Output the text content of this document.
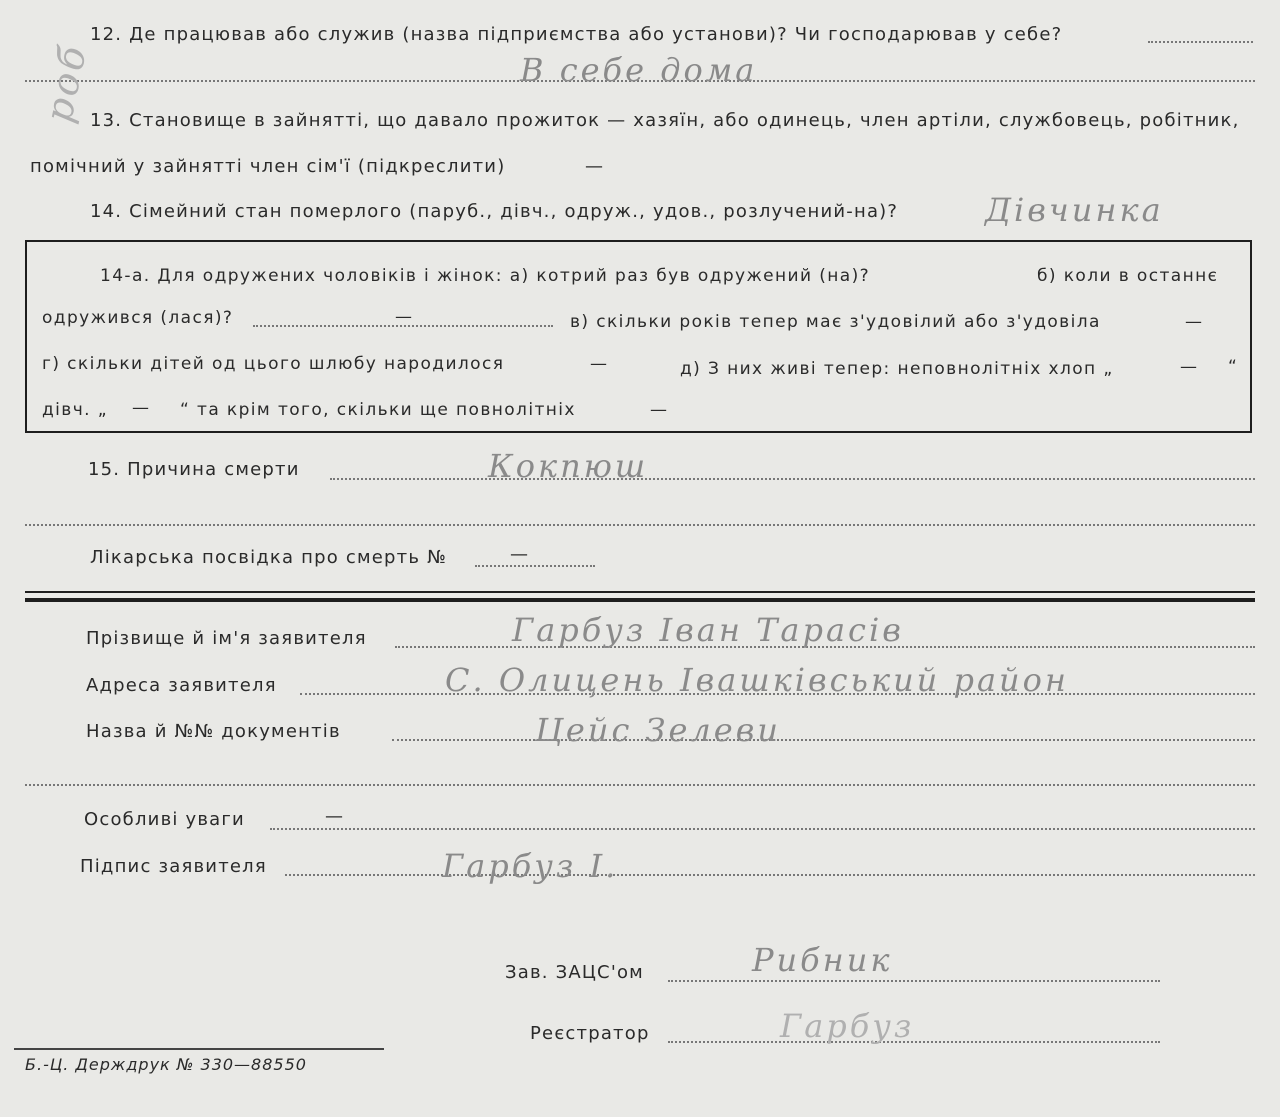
12. Де працював або служив (назва підприємства або установи)? Чи господарював у себе?
В себе дома
роб
13. Становище в зайнятті, що давало прожиток — хазяїн, або одинець, член артіли, службовець, робітник,
помічний у зайнятті член сім'ї (підкреслити)	—
14. Сімейний стан померлого (паруб., дівч., одруж., удов., розлучений-на)?	Дівчинка
14-а. Для одружених чоловіків і жінок: а) котрий раз був одружений (на)?	б) коли в останнє
одружився (лася)?	—	в) скільки років тепер має з'удовілий або з'удовіла	—
г) скільки дітей од цього шлюбу народилося	—	д) З них живі тепер: неповнолітніх хлоп „	— “
дівч. „ — “ та крім того, скільки ще повнолітніх	—
15. Причина смерти	Кокпюш
Лікарська посвідка про смерть №	—
Прізвище й ім'я заявителя	Гарбуз Іван Тарасів
Адреса заявителя	С. Олицень Івашківський район
Назва й №№ документів	Цейс Зелеви
Особливі уваги	—
Підпис заявителя	Гарбуз І.
Зав. ЗАЦС'ом	Рибник
Реєстратор	Гарбуз
Б.-Ц. Держдрук № 330—88550
